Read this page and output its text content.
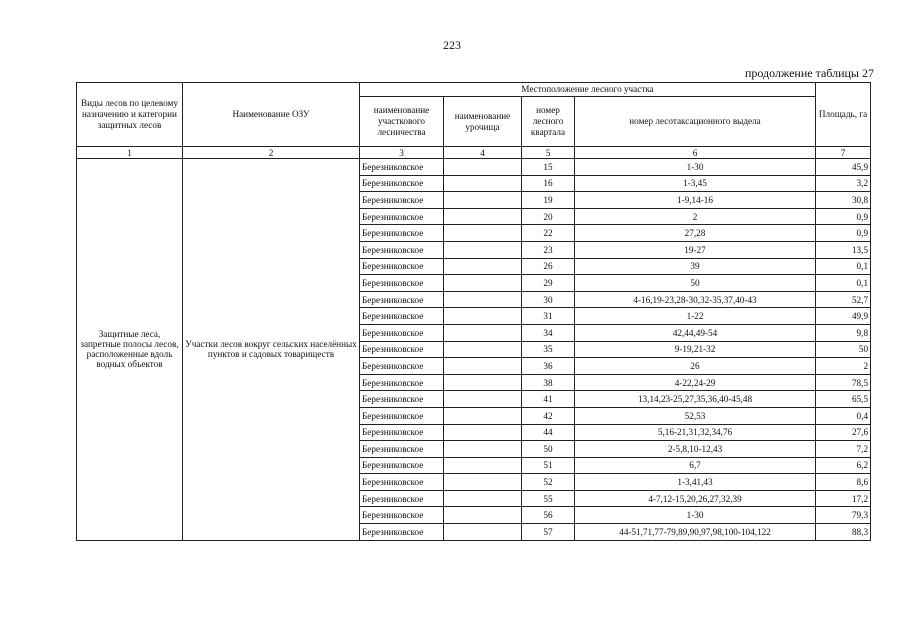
223
продолжение таблицы 27
Виды лесов по целевому назначению и категории защитных лесов	Наименование ОЗУ	Местоположение лесного участка				Площадь, га
		наименование участкового лесничества	наименование урочища	номер лесного квартала	номер лесотаксационного выдела	
1	2	3	4	5	6	7
Защитные леса, запретные полосы лесов, расположенные вдоль водных объектов	Участки лесов вокруг сельских населённых пунктов и садовых товариществ	Березниковское		15	1-30	45,9
		Березниковское		16	1-3,45	3,2
		Березниковское		19	1-9,14-16	30,8
		Березниковское		20	2	0,9
		Березниковское		22	27,28	0,9
		Березниковское		23	19-27	13,5
		Березниковское		26	39	0,1
		Березниковское		29	50	0,1
		Березниковское		30	4-16,19-23,28-30,32-35,37,40-43	52,7
		Березниковское		31	1-22	49,9
		Березниковское		34	42,44,49-54	9,8
		Березниковское		35	9-19,21-32	50
		Березниковское		36	26	2
		Березниковское		38	4-22,24-29	78,5
		Березниковское		41	13,14,23-25,27,35,36,40-45,48	65,5
		Березниковское		42	52,53	0,4
		Березниковское		44	5,16-21,31,32,34,76	27,6
		Березниковское		50	2-5,8,10-12,43	7,2
		Березниковское		51	6,7	6,2
		Березниковское		52	1-3,41,43	8,6
		Березниковское		55	4-7,12-15,20,26,27,32,39	17,2
		Березниковское		56	1-30	79,3
		Березниковское		57	44-51,71,77-79,89,90,97,98,100-104,122	88,3
